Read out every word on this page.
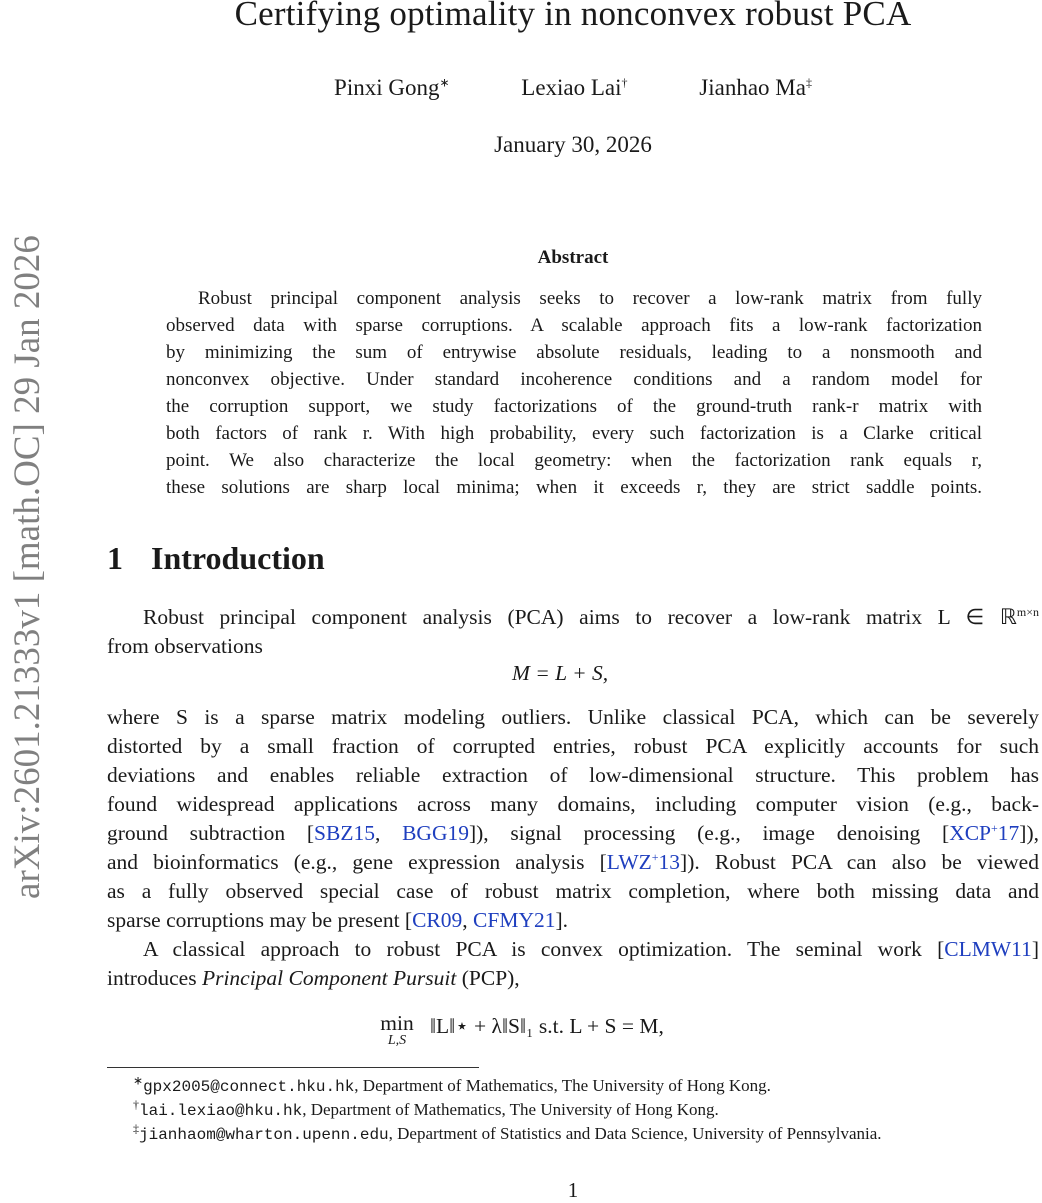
arXiv:2601.21333v1 [math.OC] 29 Jan 2026
Certifying optimality in nonconvex robust PCA
Pinxi Gong∗	Lexiao Lai†	Jianhao Ma‡
January 30, 2026
Abstract
Robust principal component analysis seeks to recover a low-rank matrix from fully
observed data with sparse corruptions. A scalable approach fits a low-rank factorization
by minimizing the sum of entrywise absolute residuals, leading to a nonsmooth and
nonconvex objective. Under standard incoherence conditions and a random model for
the corruption support, we study factorizations of the ground-truth rank-r matrix with
both factors of rank r. With high probability, every such factorization is a Clarke critical
point. We also characterize the local geometry: when the factorization rank equals r,
these solutions are sharp local minima; when it exceeds r, they are strict saddle points.
1 Introduction
Robust principal component analysis (PCA) aims to recover a low-rank matrix L ∈ ℝ$^{m\times n}$
from observations
M = L + S,
where S is a sparse matrix modeling outliers. Unlike classical PCA, which can be severely
distorted by a small fraction of corrupted entries, robust PCA explicitly accounts for such
deviations and enables reliable extraction of low-dimensional structure. This problem has
found widespread applications across many domains, including computer vision (e.g., back-
ground subtraction [SBZ15, BGG19]), signal processing (e.g., image denoising [XCP+17]),
and bioinformatics (e.g., gene expression analysis [LWZ+13]). Robust PCA can also be viewed
as a fully observed special case of robust matrix completion, where both missing data and
sparse corruptions may be present [CR09, CFMY21].
A classical approach to robust PCA is convex optimization. The seminal work [CLMW11]
introduces Principal Component Pursuit (PCP),
min
L,S
‖L‖⋆ + λ‖S‖₁ s.t. L + S = M,
∗gpx2005@connect.hku.hk, Department of Mathematics, The University of Hong Kong.
†lai.lexiao@hku.hk, Department of Mathematics, The University of Hong Kong.
‡jianhaom@wharton.upenn.edu, Department of Statistics and Data Science, University of Pennsylvania.
1
